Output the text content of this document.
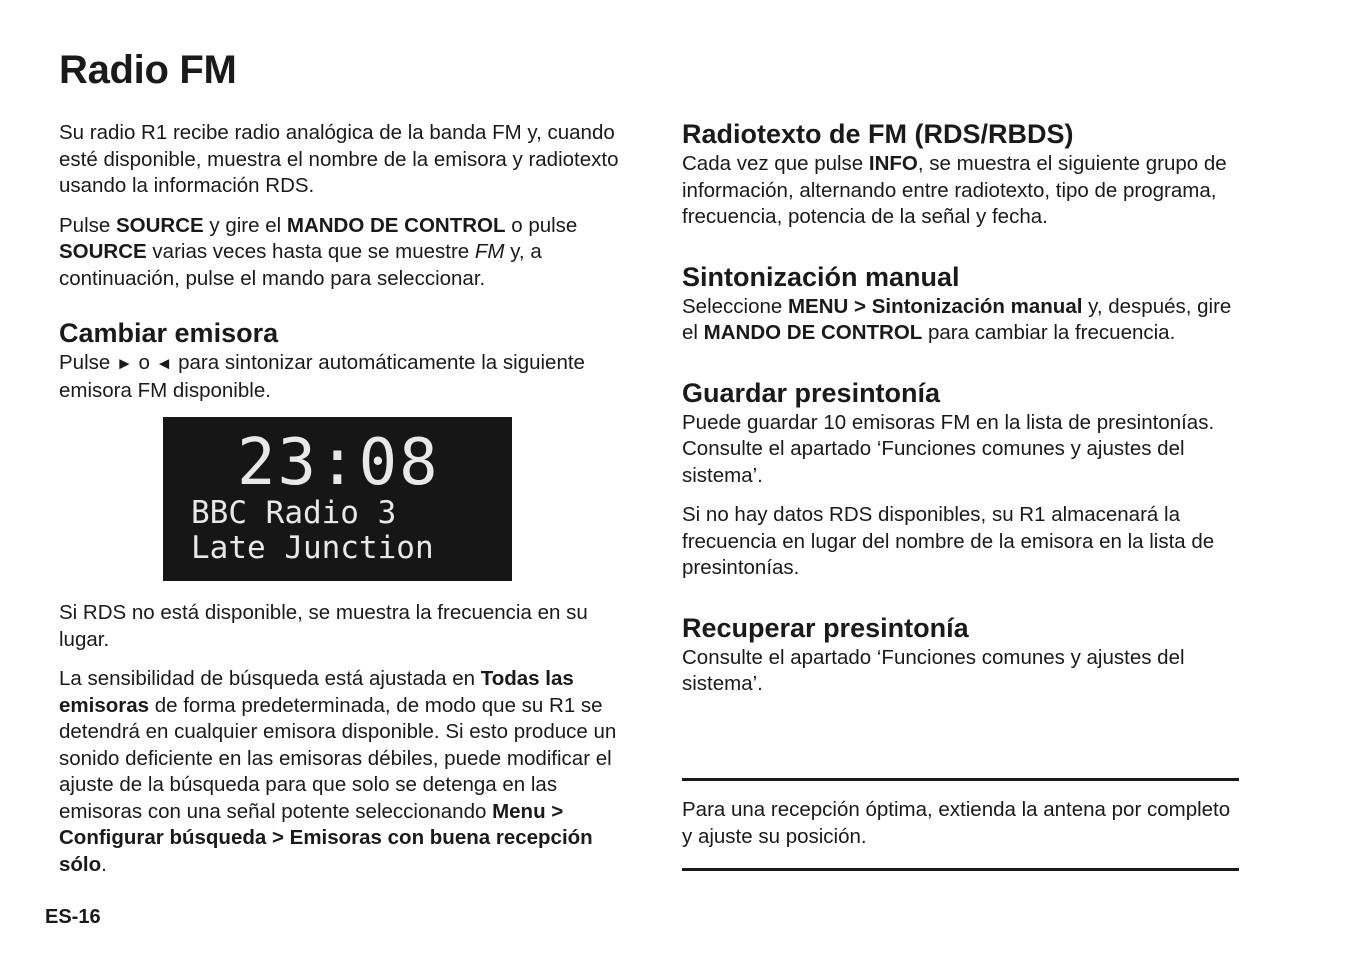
Radio FM

Su radio R1 recibe radio analógica de la banda FM y, cuando esté disponible, muestra el nombre de la emisora y radiotexto usando la información RDS.

Pulse SOURCE y gire el MANDO DE CONTROL o pulse SOURCE varias veces hasta que se muestre FM y, a continuación, pulse el mando para seleccionar.

Cambiar emisora

Pulse ► o ◄ para sintonizar automáticamente la siguiente emisora FM disponible.

23:08
BBC Radio 3
Late Junction

Si RDS no está disponible, se muestra la frecuencia en su lugar.

La sensibilidad de búsqueda está ajustada en Todas las emisoras de forma predeterminada, de modo que su R1 se detendrá en cualquier emisora disponible. Si esto produce un sonido deficiente en las emisoras débiles, puede modificar el ajuste de la búsqueda para que solo se detenga en las emisoras con una señal potente seleccionando Menu > Configurar búsqueda > Emisoras con buena recepción sólo.

Radiotexto de FM (RDS/RBDS)

Cada vez que pulse INFO, se muestra el siguiente grupo de información, alternando entre radiotexto, tipo de programa, frecuencia, potencia de la señal y fecha.

Sintonización manual

Seleccione MENU > Sintonización manual y, después, gire el MANDO DE CONTROL para cambiar la frecuencia.

Guardar presintonía

Puede guardar 10 emisoras FM en la lista de presintonías. Consulte el apartado ‘Funciones comunes y ajustes del sistema’.

Si no hay datos RDS disponibles, su R1 almacenará la frecuencia en lugar del nombre de la emisora en la lista de presintonías.

Recuperar presintonía

Consulte el apartado ‘Funciones comunes y ajustes del sistema’.

Para una recepción óptima, extienda la antena por completo y ajuste su posición.

ES-16
